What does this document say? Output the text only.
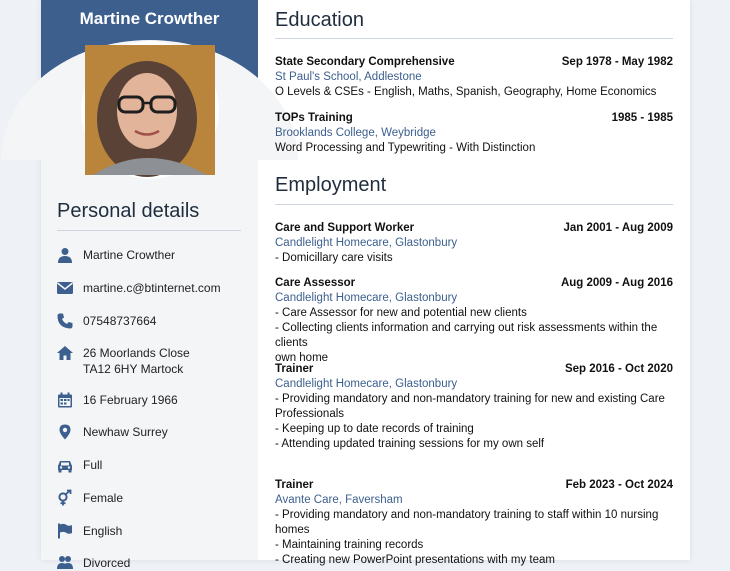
Martine Crowther
Personal details
Martine Crowther
martine.c@btinternet.com
07548737664
26 Moorlands Close
TA12 6HY Martock
16 February 1966
Newhaw Surrey
Full
Female
English
Divorced
Education
State Secondary Comprehensive	Sep 1978 - May 1982
St Paul's School, Addlestone
O Levels & CSEs - English, Maths, Spanish, Geography, Home Economics
TOPs Training	1985 - 1985
Brooklands College, Weybridge
Word Processing and Typewriting - With Distinction
Employment
Care and Support Worker	Jan 2001 - Aug 2009
Candlelight Homecare, Glastonbury
- Domicillary care visits
Care Assessor	Aug 2009 - Aug 2016
Candlelight Homecare, Glastonbury
- Care Assessor for new and potential new clients
- Collecting clients information and carrying out risk assessments within the clients
own home
Trainer	Sep 2016 - Oct 2020
Candlelight Homecare, Glastonbury
- Providing mandatory and non-mandatory training for new and existing Care
Professionals
- Keeping up to date records of training
- Attending updated training sessions for my own self
Trainer	Feb 2023 - Oct 2024
Avante Care, Faversham
- Providing mandatory and non-mandatory training to staff within 10 nursing
homes
- Maintaining training records
- Creating new PowerPoint presentations with my team
